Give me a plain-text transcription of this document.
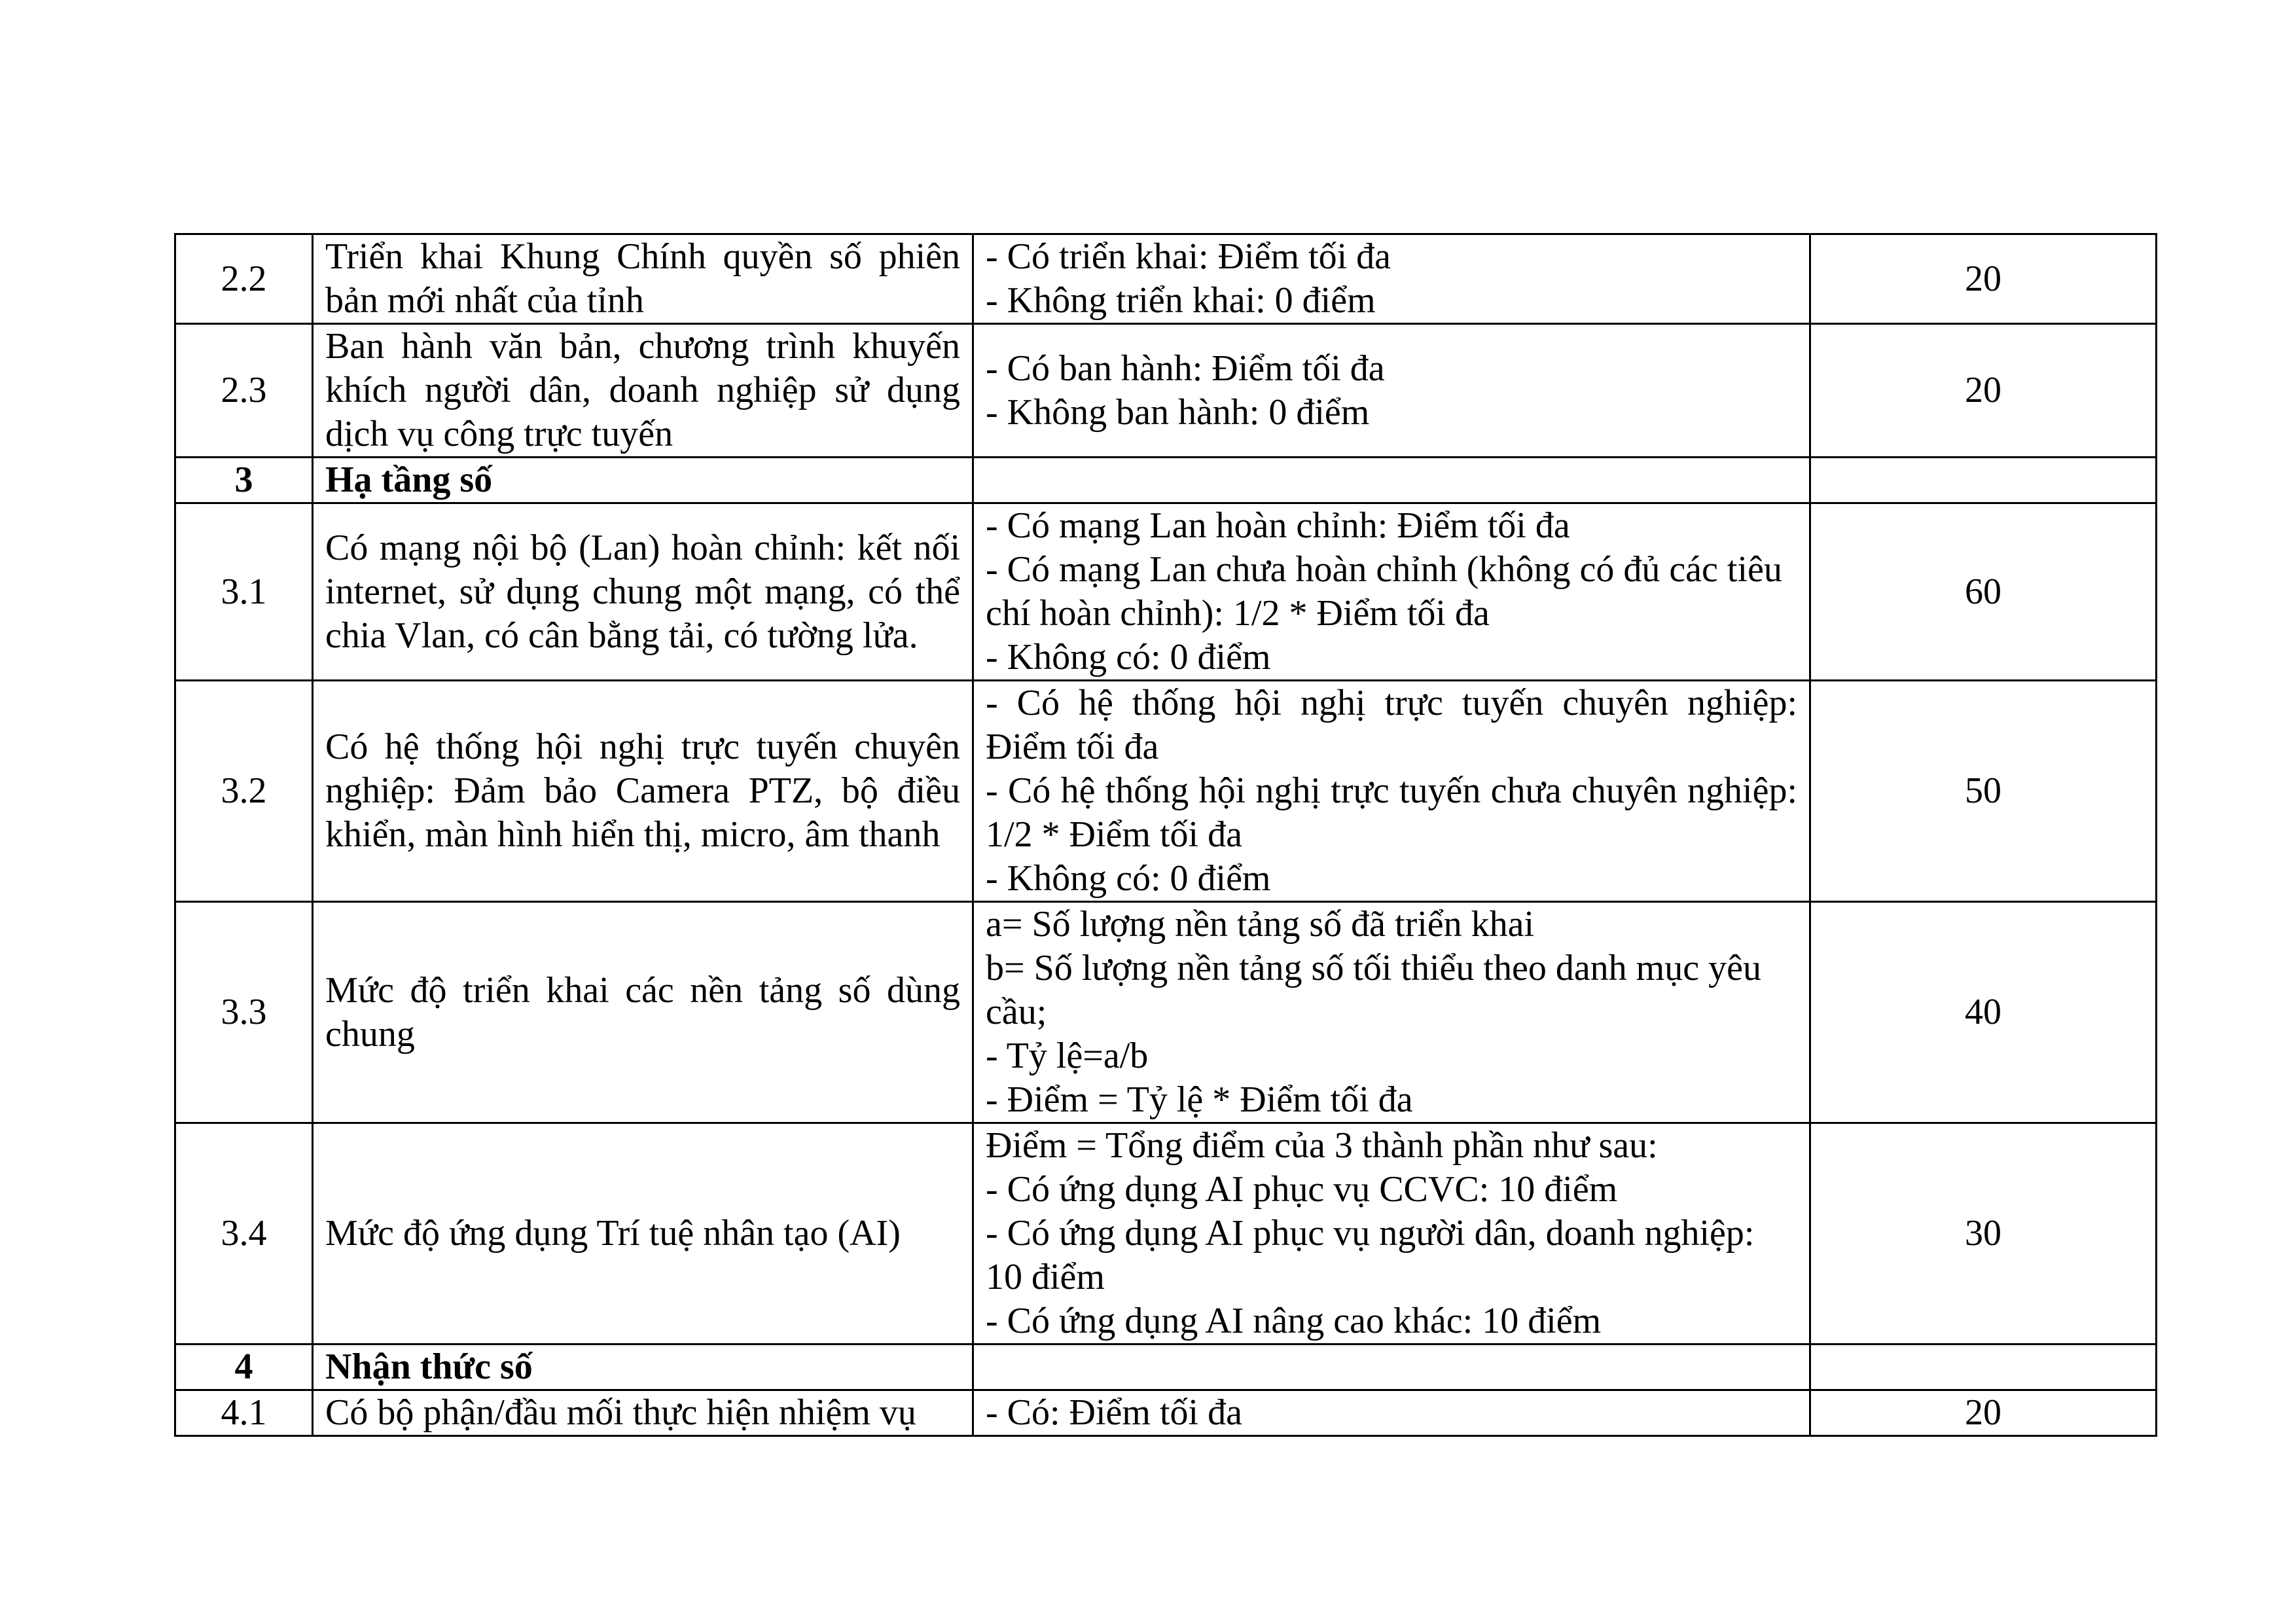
2.2	Triển khai Khung Chính quyền số phiên bản mới nhất của tỉnh	- Có triển khai: Điểm tối đa
- Không triển khai: 0 điểm	20
2.3	Ban hành văn bản, chương trình khuyến khích người dân, doanh nghiệp sử dụng dịch vụ công trực tuyến	- Có ban hành: Điểm tối đa
- Không ban hành: 0 điểm	20
3	Hạ tầng số		
3.1	Có mạng nội bộ (Lan) hoàn chỉnh: kết nối internet, sử dụng chung một mạng, có thể chia Vlan, có cân bằng tải, có tường lửa.	- Có mạng Lan hoàn chỉnh: Điểm tối đa
- Có mạng Lan chưa hoàn chỉnh (không có đủ các tiêu chí hoàn chỉnh): 1/2 * Điểm tối đa
- Không có: 0 điểm	60
3.2	Có hệ thống hội nghị trực tuyến chuyên nghiệp: Đảm bảo Camera PTZ, bộ điều khiển, màn hình hiển thị, micro, âm thanh	- Có hệ thống hội nghị trực tuyến chuyên nghiệp: Điểm tối đa
- Có hệ thống hội nghị trực tuyến chưa chuyên nghiệp: 1/2 * Điểm tối đa
- Không có: 0 điểm	50
3.3	Mức độ triển khai các nền tảng số dùng chung	a= Số lượng nền tảng số đã triển khai
b= Số lượng nền tảng số tối thiểu theo danh mục yêu cầu;
- Tỷ lệ=a/b
- Điểm = Tỷ lệ * Điểm tối đa	40
3.4	Mức độ ứng dụng Trí tuệ nhân tạo (AI)	Điểm = Tổng điểm của 3 thành phần như sau:
- Có ứng dụng AI phục vụ CCVC: 10 điểm
- Có ứng dụng AI phục vụ người dân, doanh nghiệp: 10 điểm
- Có ứng dụng AI nâng cao khác: 10 điểm	30
4	Nhận thức số		
4.1	Có bộ phận/đầu mối thực hiện nhiệm vụ	- Có: Điểm tối đa	20
